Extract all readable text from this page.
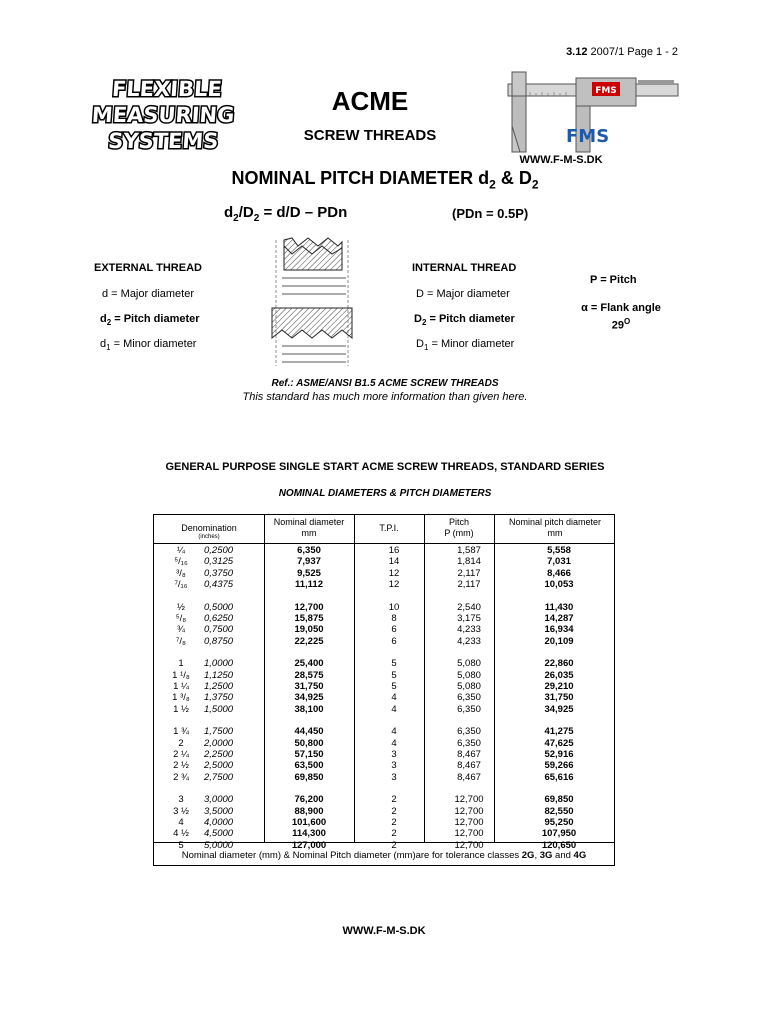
3.12 2007/1 Page 1 - 2
FLEXIBLE
MEASURING
SYSTEMS
ACME
SCREW THREADS
FMS
FMS
WWW.F-M-S.DK
NOMINAL PITCH DIAMETER $d_2$ & $D_2$
$d_2/D_2 = d/D$ – PDn	(PDn = 0.5P)
EXTERNAL THREAD
d = Major diameter
$d_2$ = Pitch diameter
$d_1$ = Minor diameter
INTERNAL THREAD
D = Major diameter
$D_2$ = Pitch diameter
$D_1$ = Minor diameter
P = Pitch
α = Flank angle
$29^O$
Ref.: ASME/ANSI B1.5 ACME SCREW THREADS
This standard has much more information than given here.
GENERAL PURPOSE SINGLE START ACME SCREW THREADS, STANDARD SERIES
NOMINAL DIAMETERS & PITCH DIAMETERS
Denomination
(inches)
Nominal diameter
mm	T.P.I.
Pitch
P (mm)
Nominal pitch diameter
mm
¼	0,2500	6,350	16	1,587	5,558
⁵/₁₆	0,3125	7,937	14	1,814	7,031
³/₈	0,3750	9,525	12	2,117	8,466
⁷/₁₆	0,4375	11,112	12	2,117	10,053
½	0,5000	12,700	10	2,540	11,430
⁵/₈	0,6250	15,875	8	3,175	14,287
¾	0,7500	19,050	6	4,233	16,934
⁷/₈	0,8750	22,225	6	4,233	20,109
1	1,0000	25,400	5	5,080	22,860
1 ¹/₈	1,1250	28,575	5	5,080	26,035
1 ¼	1,2500	31,750	5	5,080	29,210
1 ³/₈	1,3750	34,925	4	6,350	31,750
1 ½	1,5000	38,100	4	6,350	34,925
1 ¾	1,7500	44,450	4	6,350	41,275
2	2,0000	50,800	4	6,350	47,625
2 ¼	2,2500	57,150	3	8,467	52,916
2 ½	2,5000	63,500	3	8,467	59,266
2 ¾	2,7500	69,850	3	8,467	65,616
3	3,0000	76,200	2	12,700	69,850
3 ½	3,5000	88,900	2	12,700	82,550
4	4,0000	101,600	2	12,700	95,250
4 ½	4,5000	114,300	2	12,700	107,950
5	5,0000	127,000	2	12,700	120,650
Nominal diameter (mm) & Nominal Pitch diameter (mm)are for tolerance classes 2G, 3G and 4G
WWW.F-M-S.DK
